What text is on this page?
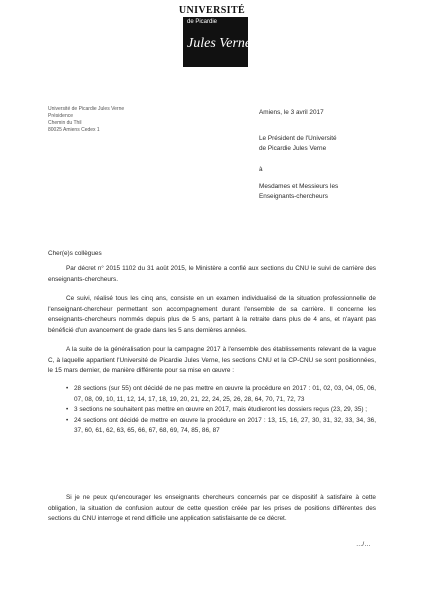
UNIVERSITÉ
de Picardie
Jules Verne
Université de Picardie Jules Verne
Présidence
Chemin du Thil
80025 Amiens Cedex 1
Amiens, le 3 avril 2017
Le Président de l'Université
de Picardie Jules Verne
à
Mesdames et Messieurs les
Enseignants-chercheurs
Cher(e)s collègues

Par décret n° 2015 1102 du 31 août 2015, le Ministère a confié aux sections du CNU le suivi de carrière des enseignants-chercheurs.

Ce suivi, réalisé tous les cinq ans, consiste en un examen individualisé de la situation professionnelle de l'enseignant-chercheur permettant son accompagnement durant l'ensemble de sa carrière. Il concerne les enseignants-chercheurs nommés depuis plus de 5 ans, partant à la retraite dans plus de 4 ans, et n'ayant pas bénéficié d'un avancement de grade dans les 5 ans dernières années.

A la suite de la généralisation pour la campagne 2017 à l'ensemble des établissements relevant de la vague C, à laquelle appartient l'Université de Picardie Jules Verne, les sections CNU et la CP-CNU se sont positionnées, le 15 mars dernier, de manière différente pour sa mise en œuvre :

• 28 sections (sur 55) ont décidé de ne pas mettre en œuvre la procédure en 2017 : 01, 02, 03, 04, 05, 06, 07, 08, 09, 10, 11, 12, 14, 17, 18, 19, 20, 21, 22, 24, 25, 26, 28, 64, 70, 71, 72, 73
• 3 sections ne souhaitent pas mettre en œuvre en 2017, mais étudieront les dossiers reçus (23, 29, 35) ;
• 24 sections ont décidé de mettre en œuvre la procédure en 2017 : 13, 15, 16, 27, 30, 31, 32, 33, 34, 36, 37, 60, 61, 62, 63, 65, 66, 67, 68, 69, 74, 85, 86, 87

Si je ne peux qu'encourager les enseignants chercheurs concernés par ce dispositif à satisfaire à cette obligation, la situation de confusion autour de cette question créée par les prises de positions différentes des sections du CNU interroge et rend difficile une application satisfaisante de ce décret.

…/…
